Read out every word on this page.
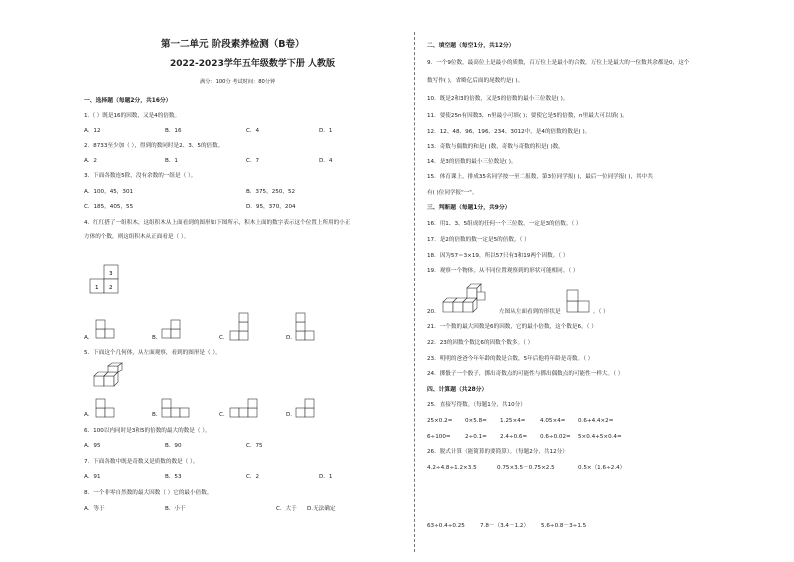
第一二单元 阶段素养检测（B卷）
2022-2023学年五年级数学下册 人教版
满分：100分 考试时间：80分钟
一、选择题（每题2分，共16分）
1.（ ）既是16的因数，又是4的倍数。
A．12	B．16	C．4	D．1
2．8733至少加（ ），得到的数同时是2、3、5的倍数。
A．2	B．1	C．7	D．4
3．下面各数连5除，没有余数的一组是（ ）。
A．100，45，301	B．375，250，52
C．185，405，55	D．95，370，204
4．红红搭了一组积木，这组积木从上面看到的图形如下图所示，积木上面的数字表示这个位置上所用的小正
方体的个数，则这组积木从正面看是（ ）。
3
1 2
A．	B．	C．	D．
5．下面这个几何体，从左面观察，看到的图形是（ ）。
A．	B．	C．	D．
6．100以内同时是3和5的倍数的最大的数是（ ）。
A．95	B．90	C．75
7．下面各数中既是奇数又是质数的数是（ ）。
A．91	B．53	C．2	D．1
8．一个非零自然数的最大因数（ ）它的最小倍数。
A．等于	B．小于	C．大于 D.无法确定
二、填空题（每空1分，共12分）
9．一个9位数，最高位上是最小的质数，百万位上是最小的合数，万位上是最大的一位数其余都是0，这个
数写作( )，省略亿后面的尾数约是( )。
10．既是2和3的倍数，又是5的倍数的最小三位数是( )。
11．要使25n有因数3，n里最小可填( )；要使它是5的倍数，n里最大可以填( )。
12．12、48、96、196、234、3012中，是4的倍数的数是( )。
13．奇数与偶数的和是( )数，奇数与奇数的积是( )数。
14．是3的倍数的最小三位数是( )。
15．体育课上，排成35名同学按一至二报数，第3位同学报( )，最后一位同学报( )，其中共
有( )位同学报"一"。
三、判断题（每题1分，共9分）
16．用1、3、5组成的任何一个三位数，一定是3的倍数。（ ）
17．是2的倍数的数一定是5的倍数。（ ）
18．因为57＝3×19，所以57只有3和19两个因数。（ ）
19．观察一个物体，从不同位置观察到的形状可能相同。（ ）
20．	左图从左面看到的形状是	。（ ）
21．一个数的最大因数是6的因数，它的最小倍数，这个数是6。（ ）
22．23的因数个数比6的因数个数多。（ ）
23．明明的爸爸今年年龄的数是合数，5年后他将年龄是奇数。（ ）
24．掷骰子一个骰子，掷出奇数点的可能性与掷出偶数点的可能性一样大。（ ）
四、计算题（共28分）
25．直接写得数。（每题1分，共10分）
25×0.2= 0×5.8= 1.25×4=	4.05×4= 0.6+4.4×2=
6÷100=	2÷0.1= 2.4÷0.6= 0.6÷0.02= 5×0.4+5×0.4=
26．脱式计算（能简算的要简算）。（每题2分，共12分）
4.2÷4.8÷1.2×3.5	0.75×3.5－0.75×2.5	0.5×（1.6÷2.4）
63÷0.4÷0.25	7.8－（3.4－1.2） 5.6÷0.8－3÷1.5
